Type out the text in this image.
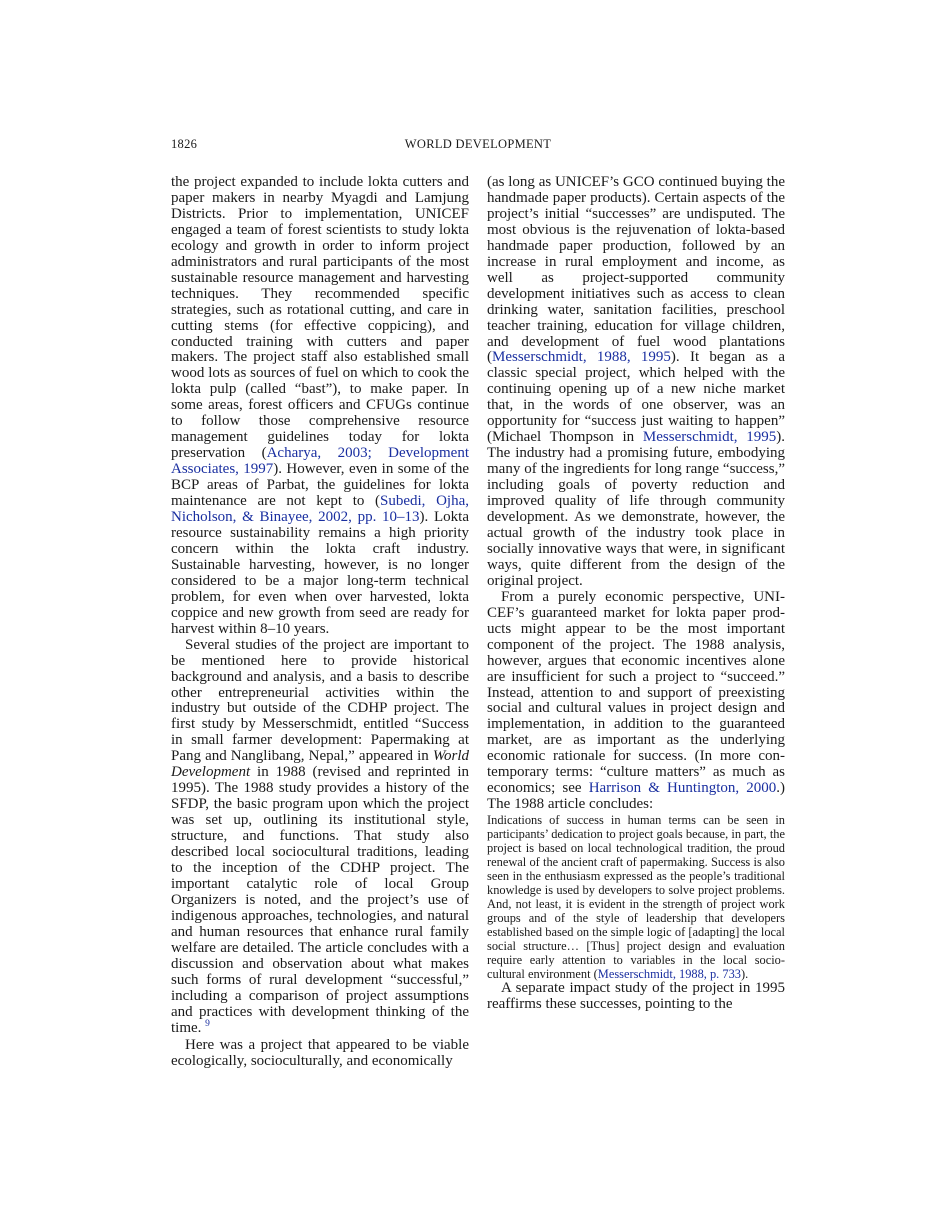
1826	WORLD DEVELOPMENT

the project expanded to include lokta cutters and paper makers in nearby Myagdi and Lamjung Districts. Prior to implementation, UNICEF engaged a team of forest scientists to study lokta ecology and growth in order to inform project administrators and rural participants of the most sustainable resource management and harvesting techniques. They recommended specific strategies, such as rotational cutting, and care in cutting stems (for effective coppicing), and conducted training with cutters and paper makers. The project staff also established small wood lots as sources of fuel on which to cook the lokta pulp (called “bast”), to make paper. In some areas, forest officers and CFUGs continue to follow those comprehensive resource management guidelines today for lokta preservation (Acharya, 2003; Development Associates, 1997). However, even in some of the BCP areas of Parbat, the guidelines for lokta maintenance are not kept to (Subedi, Ojha, Nicholson, & Binayee, 2002, pp. 10–13). Lokta resource sustainability remains a high priority concern within the lokta craft industry. Sustainable harvesting, however, is no longer considered to be a major long-term technical problem, for even when over harvested, lokta coppice and new growth from seed are ready for harvest within 8–10 years.

Several studies of the project are important to be mentioned here to provide historical background and analysis, and a basis to describe other entrepreneurial activities within the industry but outside of the CDHP project. The first study by Messerschmidt, entitled “Success in small farmer development: Papermaking at Pang and Nanglibang, Nepal,” appeared in World Development in 1988 (revised and reprinted in 1995). The 1988 study provides a history of the SFDP, the basic program upon which the project was set up, outlining its institutional style, structure, and functions. That study also described local sociocultural traditions, leading to the inception of the CDHP project. The important catalytic role of local Group Organizers is noted, and the project’s use of indigenous approaches, technologies, and natural and human resources that enhance rural family welfare are detailed. The article concludes with a discussion and observation about what makes such forms of rural development “successful,” including a comparison of project assumptions and practices with development thinking of the time. $^9$

Here was a project that appeared to be viable ecologically, socioculturally, and economically

(as long as UNICEF’s GCO continued buying the handmade paper products). Certain aspects of the project’s initial “successes” are undisputed. The most obvious is the rejuvenation of lokta-based handmade paper production, followed by an increase in rural employment and income, as well as project-supported community development initiatives such as access to clean drinking water, sanitation facilities, preschool teacher training, education for village children, and development of fuel wood plantations (Messerschmidt, 1988, 1995). It began as a classic special project, which helped with the continuing opening up of a new niche market that, in the words of one observer, was an opportunity for “success just waiting to happen” (Michael Thompson in Messerschmidt, 1995). The industry had a promising future, embodying many of the ingredients for long range “success,” including goals of poverty reduction and improved quality of life through community development. As we demonstrate, however, the actual growth of the industry took place in socially innovative ways that were, in significant ways, quite different from the design of the original project.

From a purely economic perspective, UNICEF’s guaranteed market for lokta paper products might appear to be the most important component of the project. The 1988 analysis, however, argues that economic incentives alone are insufficient for such a project to “succeed.” Instead, attention to and support of preexisting social and cultural values in project design and implementation, in addition to the guaranteed market, are as important as the underlying economic rationale for success. (In more contemporary terms: “culture matters” as much as economics; see Harrison & Huntington, 2000.) The 1988 article concludes:

Indications of success in human terms can be seen in participants’ dedication to project goals because, in part, the project is based on local technological tradition, the proud renewal of the ancient craft of papermaking. Success is also seen in the enthusiasm expressed as the people’s traditional knowledge is used by developers to solve project problems. And, not least, it is evident in the strength of project work groups and of the style of leadership that developers established based on the simple logic of [adapting] the local social structure… [Thus] project design and evaluation require early attention to variables in the local socio-cultural environment (Messerschmidt, 1988, p. 733).

A separate impact study of the project in 1995 reaffirms these successes, pointing to the
